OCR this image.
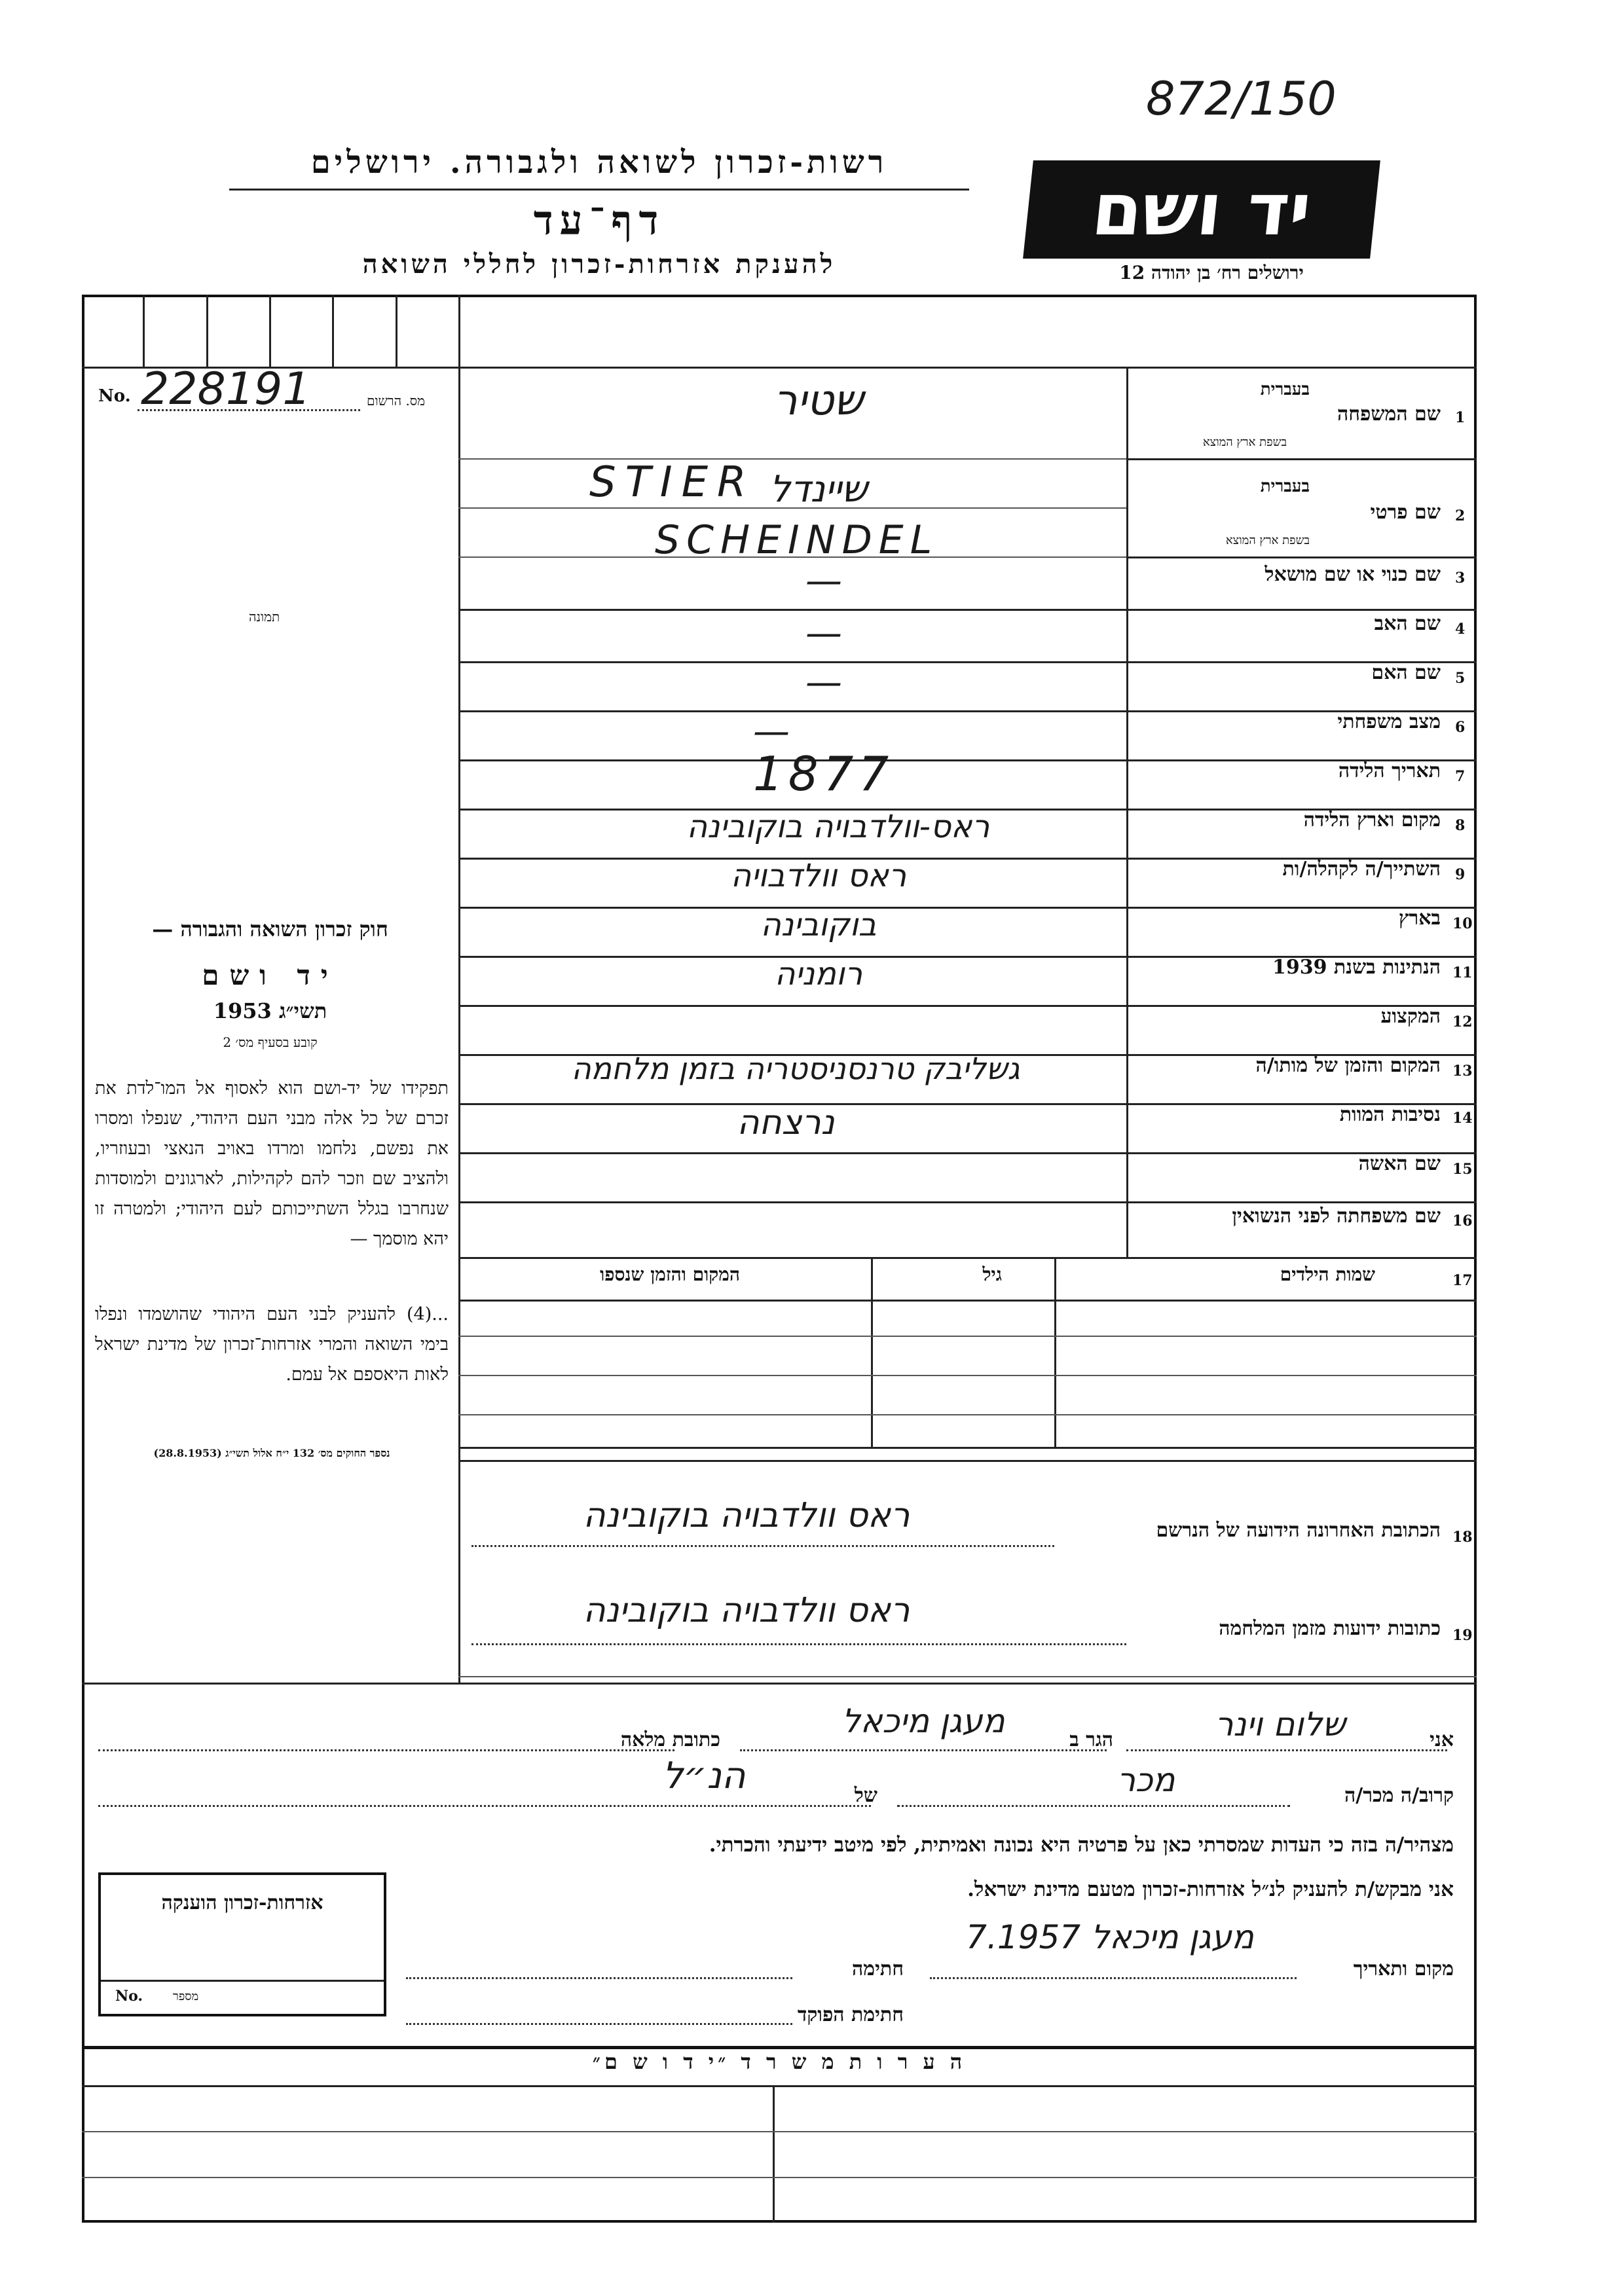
872/150
רשות-זכרון לשואה ולגבורה. ירושלים
דף־עד
להענקת אזרחות-זכרון לחללי השואה
יד ושם
ירושלים רח׳ בן יהודה 12
No. 228191	מס. הרשום
תמונה
חוק זכרון השואה והגבורה —
יד ושם
תשי״ג 1953
קובע בסעיף מס׳ 2
תפקידו של יד-ושם הוא לאסוף אל המו־לדת את זכרם של כל אלה מבני העם היהודי, שנפלו ומסרו את נפשם, נלחמו ומרדו באויב הנאצי ובעוזריו, ולהציב שם וזכר להם לקהילות, לארגונים ולמוסדות שנחרבו בגלל השתייכותם לעם היהודי; ולמטרה זו יהא מוסמך —
...(4) להעניק לבני העם היהודי שהושמדו ונפלו בימי השואה והמרי אזרחות־זכרון של מדינת ישראל לאות היאספם אל עמם.
נספר החוקים מס׳ 132 י״ח אלול תשי״ג (28.8.1953)
1
שם המשפחה
בעברית
בשפת ארץ המוצא
שטיר
STIER
2
שם פרטי
בעברית
בשפת ארץ המוצא
שיינדל
SCHEINDEL
3
שם כנוי או שם מושאל
—
4
שם האב
—
5
שם האם
—
6
מצב משפחתי
—
7
תאריך הלידה
1877
8
מקום וארץ הלידה
ראס-וולדבויה בוקובינה
9
השתייך/ה לקהלה/ות
ראס וולדבויה
10
בארץ
בוקובינה
11
הנתינות בשנת 1939
רומניה
12
המקצוע
13
המקום והזמן של מותו/ה
גשליבק טרנסניסטריה בזמן מלחמה
14
נסיבות המוות
נרצחה
15
שם האשה
16
שם משפחתה לפני הנשואין
17
שמות הילדים
גיל
המקום והזמן שנספו
18
הכתובת האחרונה הידועה של הנרשם
ראס וולדבויה בוקובינה
19
כתובות ידועות מזמן המלחמה
ראס וולדבויה בוקובינה
אני
שלום וינר
הגר ב
מעגן מיכאל
כתובת מלאה
קרוב/ה מכר/ה
מכר
של
הנ״ל
מצהיר/ה בזה כי העדות שמסרתי כאן על פרטיה היא נכונה ואמיתית, לפי מיטב ידיעתי והכרתי.
אני מבקש/ת להעניק לנ״ל אזרחות-זכרון מטעם מדינת ישראל.
מקום ותאריך
מעגן מיכאל 7.1957
חתימה
חתימת הפוקד
אזרחות-זכרון הוענקה
No.	מספר
ה ע ר ו ת מ ש ר ד ״י ד ו ש ם״
